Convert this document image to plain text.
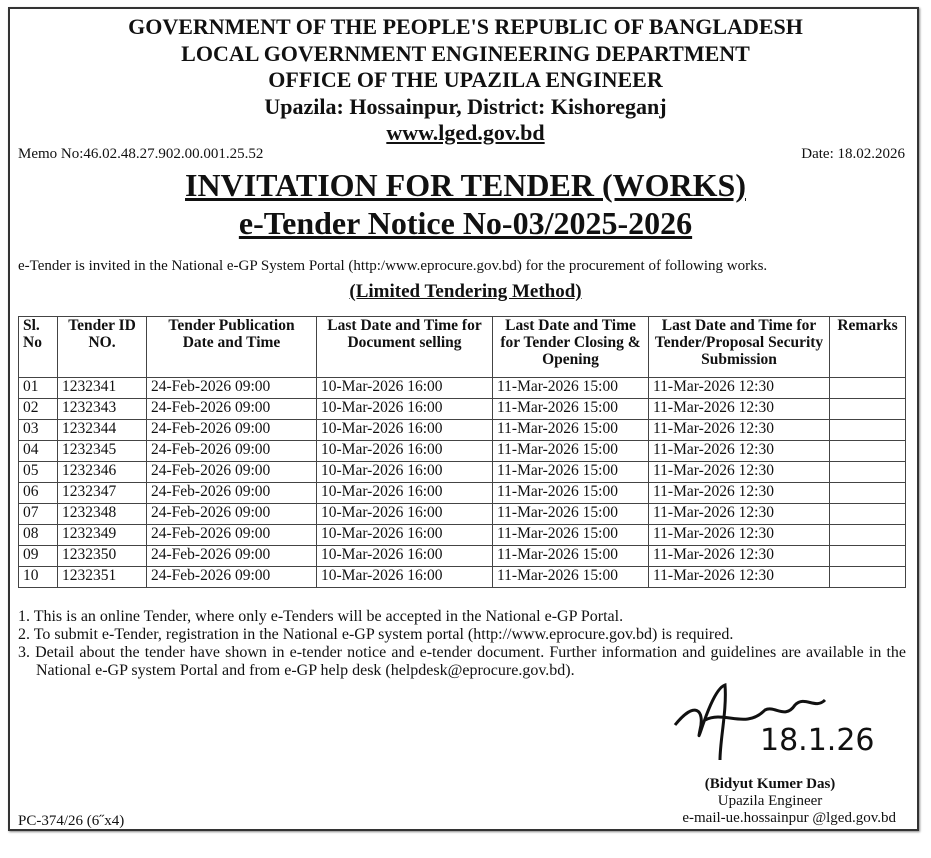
GOVERNMENT OF THE PEOPLE'S REPUBLIC OF BANGLADESH
LOCAL GOVERNMENT ENGINEERING DEPARTMENT
OFFICE OF THE UPAZILA ENGINEER
Upazila: Hossainpur, District: Kishoreganj
www.lged.gov.bd
Memo No:46.02.48.27.902.00.001.25.52	Date: 18.02.2026
INVITATION FOR TENDER (WORKS)
e-Tender Notice No-03/2025-2026
e-Tender is invited in the National e-GP System Portal (http:/www.eprocure.gov.bd) for the procurement of following works.
(Limited Tendering Method)
Sl. No	Tender ID NO.	Tender Publication Date and Time	Last Date and Time for Document selling	Last Date and Time for Tender Closing & Opening	Last Date and Time for Tender/Proposal Security Submission	Remarks
01	1232341	24-Feb-2026 09:00	10-Mar-2026 16:00	11-Mar-2026 15:00	11-Mar-2026 12:30	
02	1232343	24-Feb-2026 09:00	10-Mar-2026 16:00	11-Mar-2026 15:00	11-Mar-2026 12:30	
03	1232344	24-Feb-2026 09:00	10-Mar-2026 16:00	11-Mar-2026 15:00	11-Mar-2026 12:30	
04	1232345	24-Feb-2026 09:00	10-Mar-2026 16:00	11-Mar-2026 15:00	11-Mar-2026 12:30	
05	1232346	24-Feb-2026 09:00	10-Mar-2026 16:00	11-Mar-2026 15:00	11-Mar-2026 12:30	
06	1232347	24-Feb-2026 09:00	10-Mar-2026 16:00	11-Mar-2026 15:00	11-Mar-2026 12:30	
07	1232348	24-Feb-2026 09:00	10-Mar-2026 16:00	11-Mar-2026 15:00	11-Mar-2026 12:30	
08	1232349	24-Feb-2026 09:00	10-Mar-2026 16:00	11-Mar-2026 15:00	11-Mar-2026 12:30	
09	1232350	24-Feb-2026 09:00	10-Mar-2026 16:00	11-Mar-2026 15:00	11-Mar-2026 12:30	
10	1232351	24-Feb-2026 09:00	10-Mar-2026 16:00	11-Mar-2026 15:00	11-Mar-2026 12:30	
1. This is an online Tender, where only e-Tenders will be accepted in the National e-GP Portal.
2. To submit e-Tender, registration in the National e-GP system portal (http://www.eprocure.gov.bd) is required.
3. Detail about the tender have shown in e-tender notice and e-tender document. Further information and guidelines are available in the National e-GP system Portal and from e-GP help desk (helpdesk@eprocure.gov.bd).
18.1.26
(Bidyut Kumer Das)
Upazila Engineer
e-mail-ue.hossainpur @lged.gov.bd
PC-374/26 (6˝x4)
